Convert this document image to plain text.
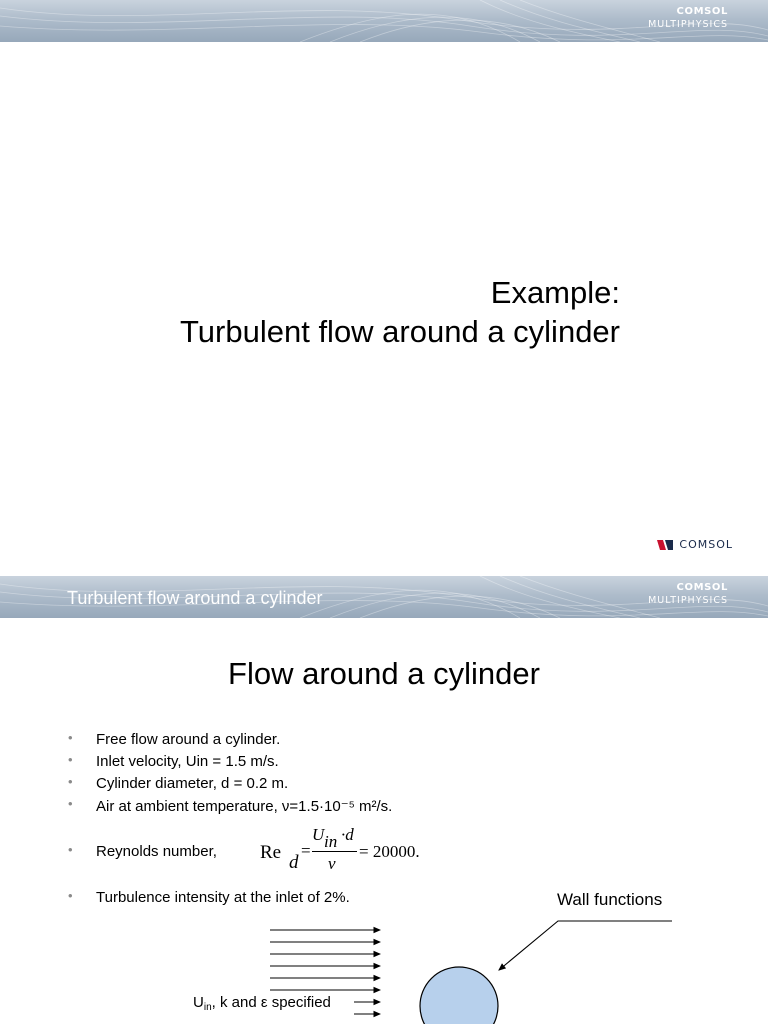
COMSOL
MULTIPHYSICS
Example:
Turbulent flow around a cylinder
COMSOL
Turbulent flow around a cylinder
COMSOL
MULTIPHYSICS
Flow around a cylinder
• Free flow around a cylinder.
• Inlet velocity, Uin = 1.5 m/s.
• Cylinder diameter, d = 0.2 m.
• Air at ambient temperature, ν=1.5·10⁻⁵ m²/s.
• Reynolds number,
• Turbulence intensity at the inlet of 2%.
Re d
=
U in ·d
ν
= 20000.
Wall functions
$U_{in}$, k and ε specified
